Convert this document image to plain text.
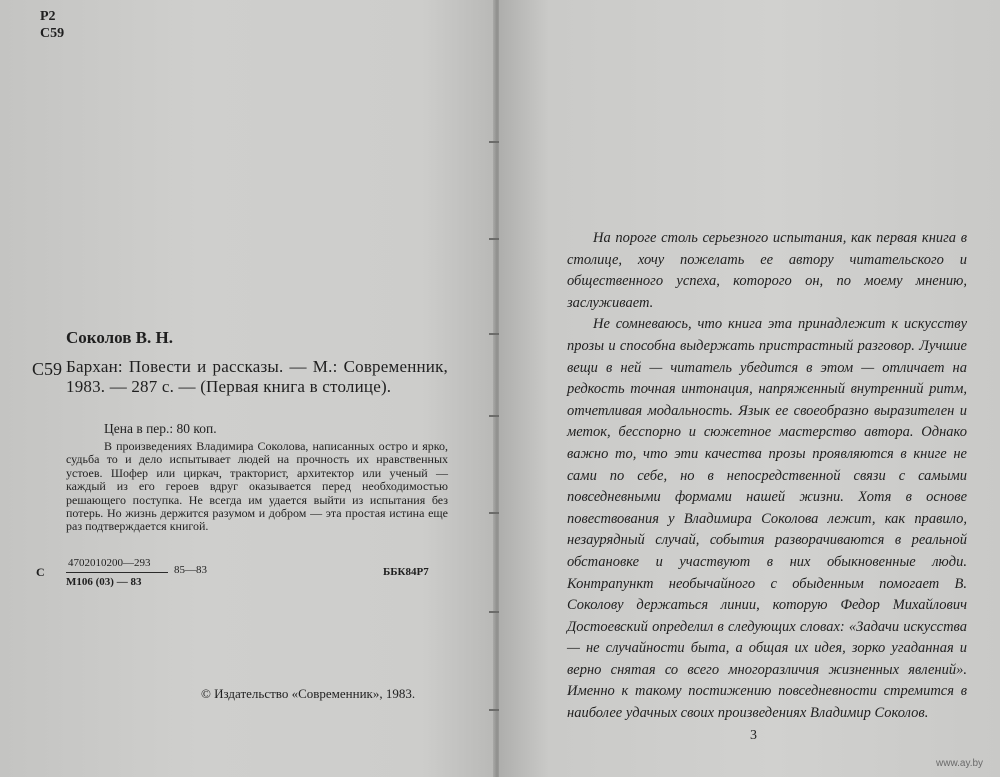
Р2
С59
Соколов В. Н.
С59 Бархан: Повести и рассказы. — М.: Современник, 1983. — 287 с. — (Первая книга в столице).
Цена в пер.: 80 коп.
В произведениях Владимира Соколова, написанных остро и ярко, судьба то и дело испытывает людей на прочность их нравственных устоев. Шофер или циркач, тракторист, архитектор или ученый — каждый из его героев вдруг оказывается перед необходимостью решающего поступка. Не всегда им удается выйти из испытания без потерь. Но жизнь держится разумом и добром — эта простая истина еще раз подтверждается книгой.
С
4702010200—293
85—83
М106 (03) — 83
ББК84Р7
© Издательство «Современник», 1983.

На пороге столь серьезного испытания, как первая книга в столице, хочу пожелать ее автору читательского и общественного успеха, которого он, по моему мнению, заслуживает.

Не сомневаюсь, что книга эта принадлежит к искусству прозы и способна выдержать пристрастный разговор. Лучшие вещи в ней — читатель убедится в этом — отличает на редкость точная интонация, напряженный внутренний ритм, отчетливая модальность. Язык ее своеобразно выразителен и меток, бесспорно и сюжетное мастерство автора. Однако важно то, что эти качества прозы проявляются в книге не сами по себе, но в непосредственной связи с самыми повседневными формами нашей жизни. Хотя в основе повествования у Владимира Соколова лежит, как правило, незаурядный случай, события разворачиваются в реальной обстановке и участвуют в них обыкновенные люди. Контрапункт необычайного с обыденным помогает В. Соколову держаться линии, которую Федор Михайлович Достоевский определил в следующих словах: «Задачи искусства — не случайности быта, а общая их идея, зорко угаданная и верно снятая со всего многоразличия жизненных явлений». Именно к такому постижению повседневности стремится в наиболее удачных своих произведениях Владимир Соколов.

3
www.ay.by
